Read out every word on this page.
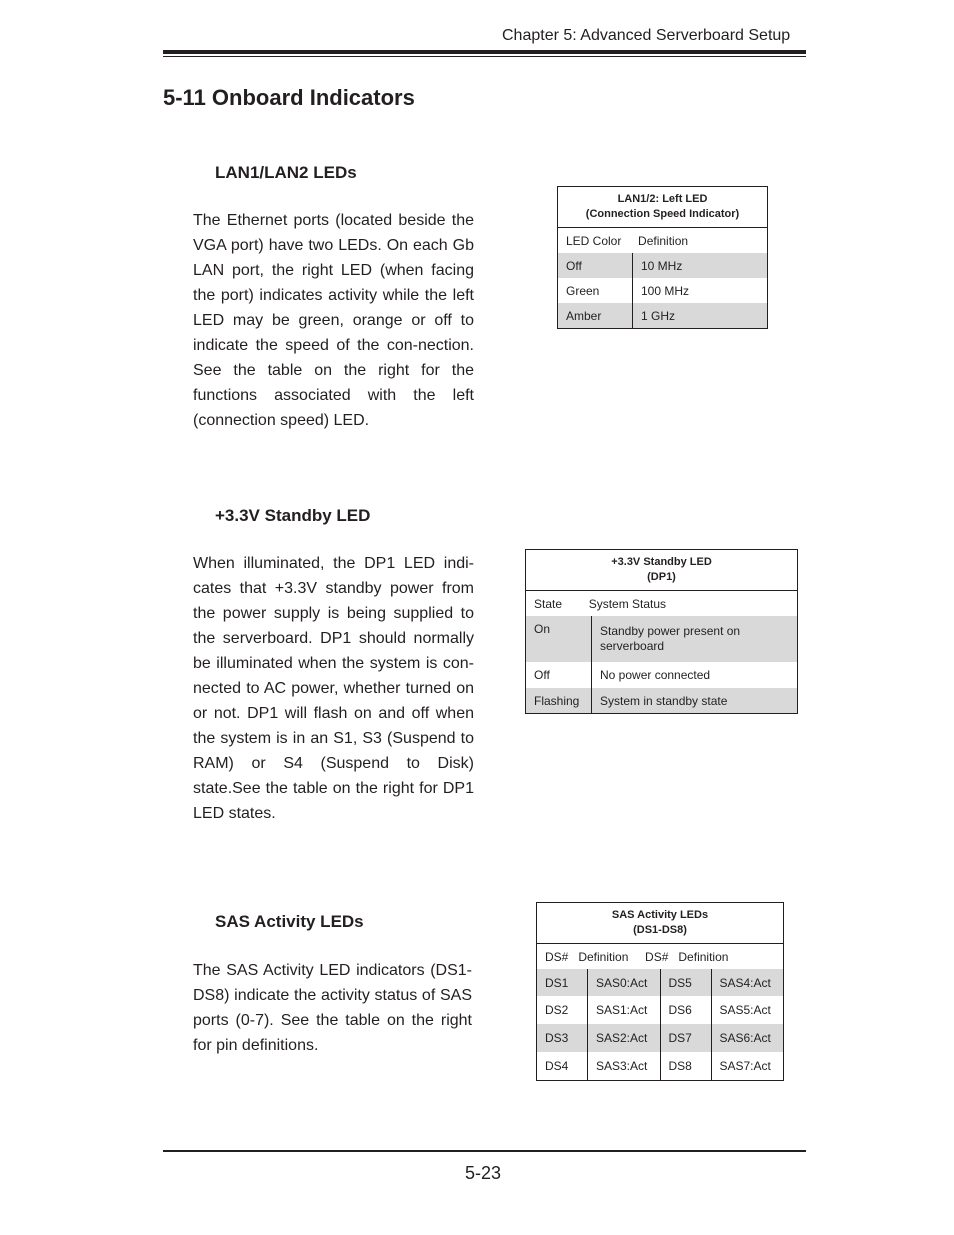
Chapter 5: Advanced Serverboard Setup
5-11 Onboard Indicators
LAN1/LAN2 LEDs
The Ethernet ports (located beside the VGA port) have two LEDs. On each Gb LAN port, the right LED (when facing the port) indicates activity while the left LED may be green, orange or off to indicate the speed of the con-nection. See the table on the right for the functions associated with the left (connection speed) LED.
LAN1/2: Left LED
(Connection Speed Indicator)	
LED Color     Definition	
Off	10 MHz
Green	100 MHz
Amber	1 GHz
+3.3V Standby LED
When illuminated, the DP1 LED indi-cates that +3.3V standby power from the power supply is being supplied to the serverboard. DP1 should normally be illuminated when the system is con-nected to AC power, whether turned on or not. DP1 will flash on and off when the system is in an S1, S3 (Suspend to RAM) or S4 (Suspend to Disk) state.See the table on the right for DP1 LED states.
+3.3V Standby LED
(DP1)	
State        System Status	
On	Standby power present on serverboard
Off	No power connected
Flashing	System in standby state
SAS Activity LEDs
The SAS Activity LED indicators (DS1-DS8) indicate the activity status of SAS ports (0-7). See the table on the right for pin definitions.
SAS Activity LEDs
(DS1-DS8)			
DS#   Definition     DS#   Definition			
DS1	SAS0:Act	DS5	SAS4:Act
DS2	SAS1:Act	DS6	SAS5:Act
DS3	SAS2:Act	DS7	SAS6:Act
DS4	SAS3:Act	DS8	SAS7:Act
5-23
